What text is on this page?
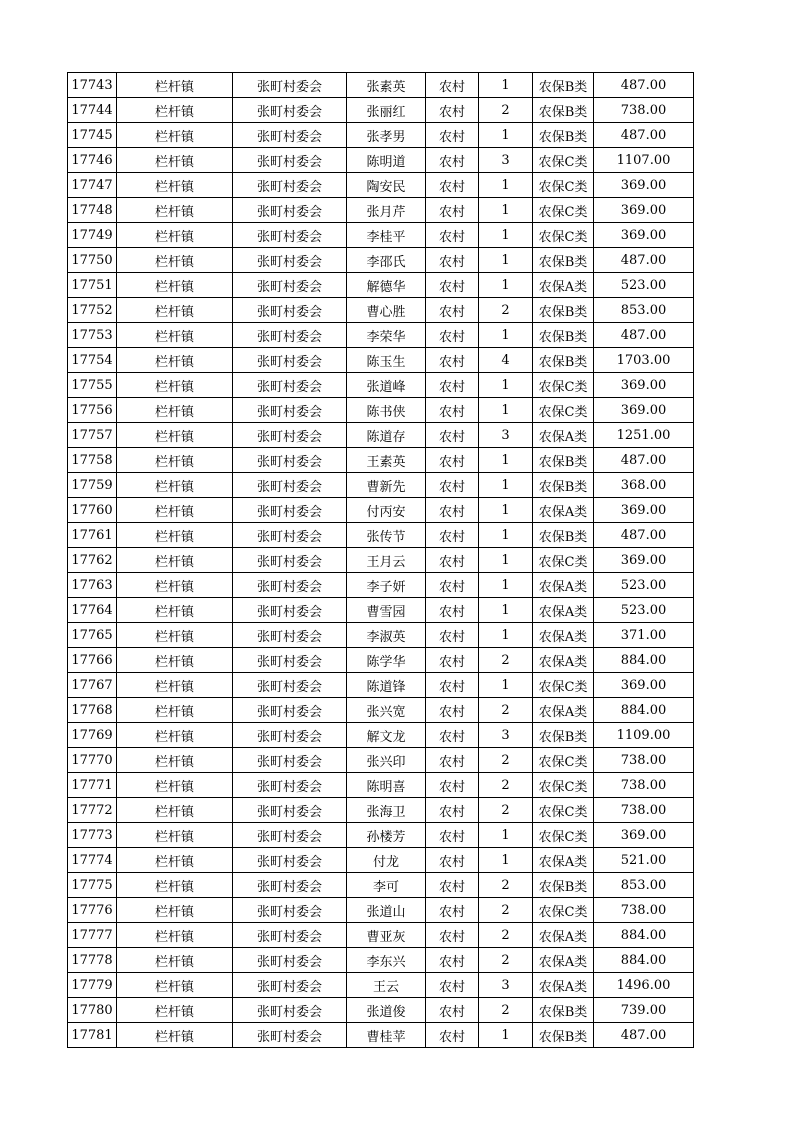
17743	栏杆镇	张町村委会	张素英	农村	1	农保B类	487.00
17744	栏杆镇	张町村委会	张丽红	农村	2	农保B类	738.00
17745	栏杆镇	张町村委会	张孝男	农村	1	农保B类	487.00
17746	栏杆镇	张町村委会	陈明道	农村	3	农保C类	1107.00
17747	栏杆镇	张町村委会	陶安民	农村	1	农保C类	369.00
17748	栏杆镇	张町村委会	张月芹	农村	1	农保C类	369.00
17749	栏杆镇	张町村委会	李桂平	农村	1	农保C类	369.00
17750	栏杆镇	张町村委会	李邵氏	农村	1	农保B类	487.00
17751	栏杆镇	张町村委会	解德华	农村	1	农保A类	523.00
17752	栏杆镇	张町村委会	曹心胜	农村	2	农保B类	853.00
17753	栏杆镇	张町村委会	李荣华	农村	1	农保B类	487.00
17754	栏杆镇	张町村委会	陈玉生	农村	4	农保B类	1703.00
17755	栏杆镇	张町村委会	张道峰	农村	1	农保C类	369.00
17756	栏杆镇	张町村委会	陈书侠	农村	1	农保C类	369.00
17757	栏杆镇	张町村委会	陈道存	农村	3	农保A类	1251.00
17758	栏杆镇	张町村委会	王素英	农村	1	农保B类	487.00
17759	栏杆镇	张町村委会	曹新先	农村	1	农保B类	368.00
17760	栏杆镇	张町村委会	付丙安	农村	1	农保A类	369.00
17761	栏杆镇	张町村委会	张传节	农村	1	农保B类	487.00
17762	栏杆镇	张町村委会	王月云	农村	1	农保C类	369.00
17763	栏杆镇	张町村委会	李子妍	农村	1	农保A类	523.00
17764	栏杆镇	张町村委会	曹雪园	农村	1	农保A类	523.00
17765	栏杆镇	张町村委会	李淑英	农村	1	农保A类	371.00
17766	栏杆镇	张町村委会	陈学华	农村	2	农保A类	884.00
17767	栏杆镇	张町村委会	陈道锋	农村	1	农保C类	369.00
17768	栏杆镇	张町村委会	张兴宽	农村	2	农保A类	884.00
17769	栏杆镇	张町村委会	解文龙	农村	3	农保B类	1109.00
17770	栏杆镇	张町村委会	张兴印	农村	2	农保C类	738.00
17771	栏杆镇	张町村委会	陈明喜	农村	2	农保C类	738.00
17772	栏杆镇	张町村委会	张海卫	农村	2	农保C类	738.00
17773	栏杆镇	张町村委会	孙楼芳	农村	1	农保C类	369.00
17774	栏杆镇	张町村委会	付龙	农村	1	农保A类	521.00
17775	栏杆镇	张町村委会	李可	农村	2	农保B类	853.00
17776	栏杆镇	张町村委会	张道山	农村	2	农保C类	738.00
17777	栏杆镇	张町村委会	曹亚灰	农村	2	农保A类	884.00
17778	栏杆镇	张町村委会	李东兴	农村	2	农保A类	884.00
17779	栏杆镇	张町村委会	王云	农村	3	农保A类	1496.00
17780	栏杆镇	张町村委会	张道俊	农村	2	农保B类	739.00
17781	栏杆镇	张町村委会	曹桂苹	农村	1	农保B类	487.00
